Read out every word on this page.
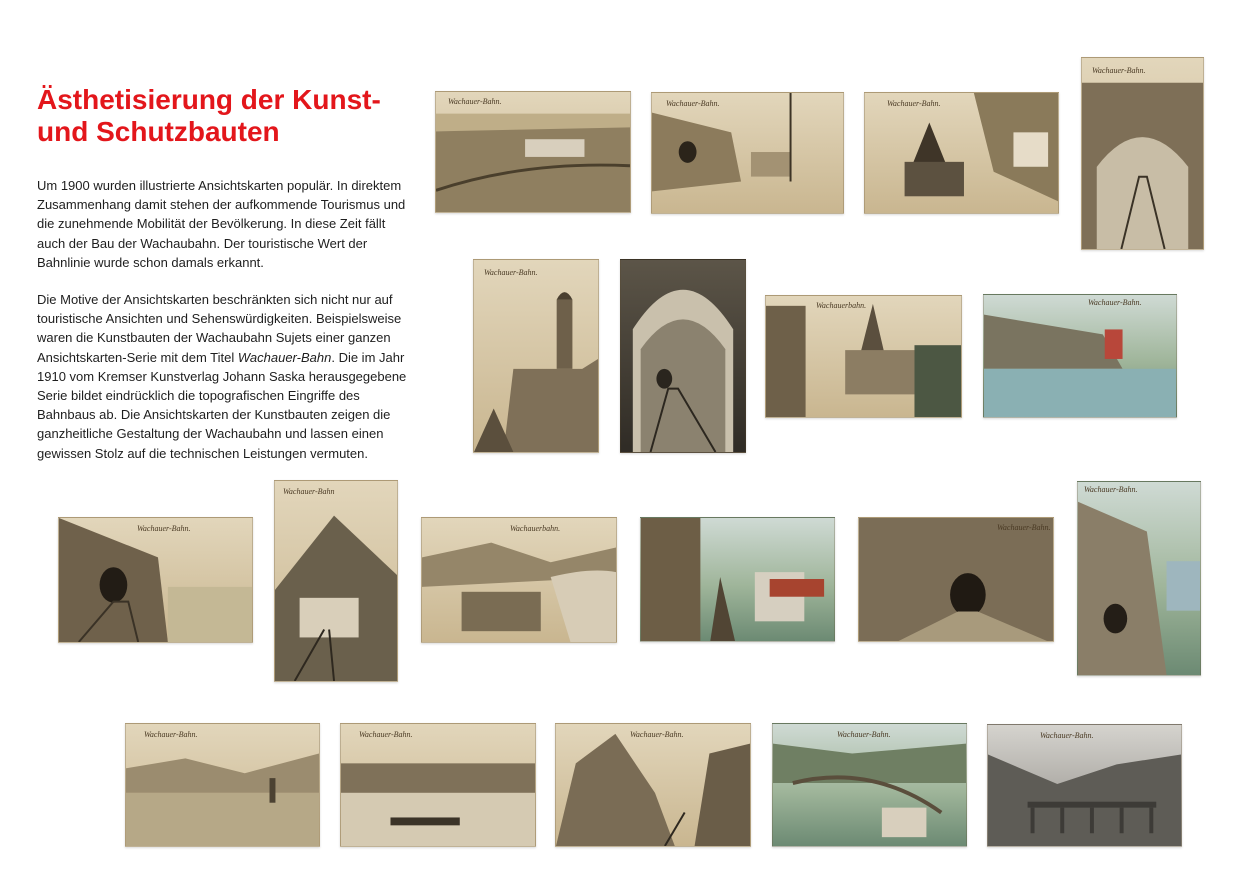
Ästhetisierung der Kunst-
und Schutzbauten

Um 1900 wurden illustrierte Ansichtskarten populär. In direktem Zusammenhang damit stehen der aufkommende Tourismus und die zunehmende Mobilität der Bevölkerung. In diese Zeit fällt auch der Bau der Wachaubahn. Der touristische Wert der Bahnlinie wurde schon damals erkannt.

Die Motive der Ansichtskarten beschränkten sich nicht nur auf touristische Ansichten und Sehenswürdigkeiten. Beispielsweise waren die Kunstbauten der Wachaubahn Sujets einer ganzen Ansichtskarten-Serie mit dem Titel Wachauer-Bahn. Die im Jahr 1910 vom Kremser Kunstverlag Johann Saska herausgegebene Serie bildet eindrücklich die topografischen Eingriffe des Bahnbaus ab. Die Ansichtskarten der Kunstbauten zeigen die ganzheitliche Gestaltung der Wachaubahn und lassen einen gewissen Stolz auf die technischen Leistungen vermuten.

Wachauer-Bahn.	Wachauer-Bahn.	Wachauer-Bahn.
Wachauer-Bahn.
Wachauer-Bahn.
Wachauerbahn.	Wachauer-Bahn.
Wachauer-Bahn.
Wachauer-Bahn
Wachauerbahn.	Wachauer-Bahn.
Wachauer-Bahn.
Wachauer-Bahn.	Wachauer-Bahn.	Wachauer-Bahn.	Wachauer-Bahn.	Wachauer-Bahn.
